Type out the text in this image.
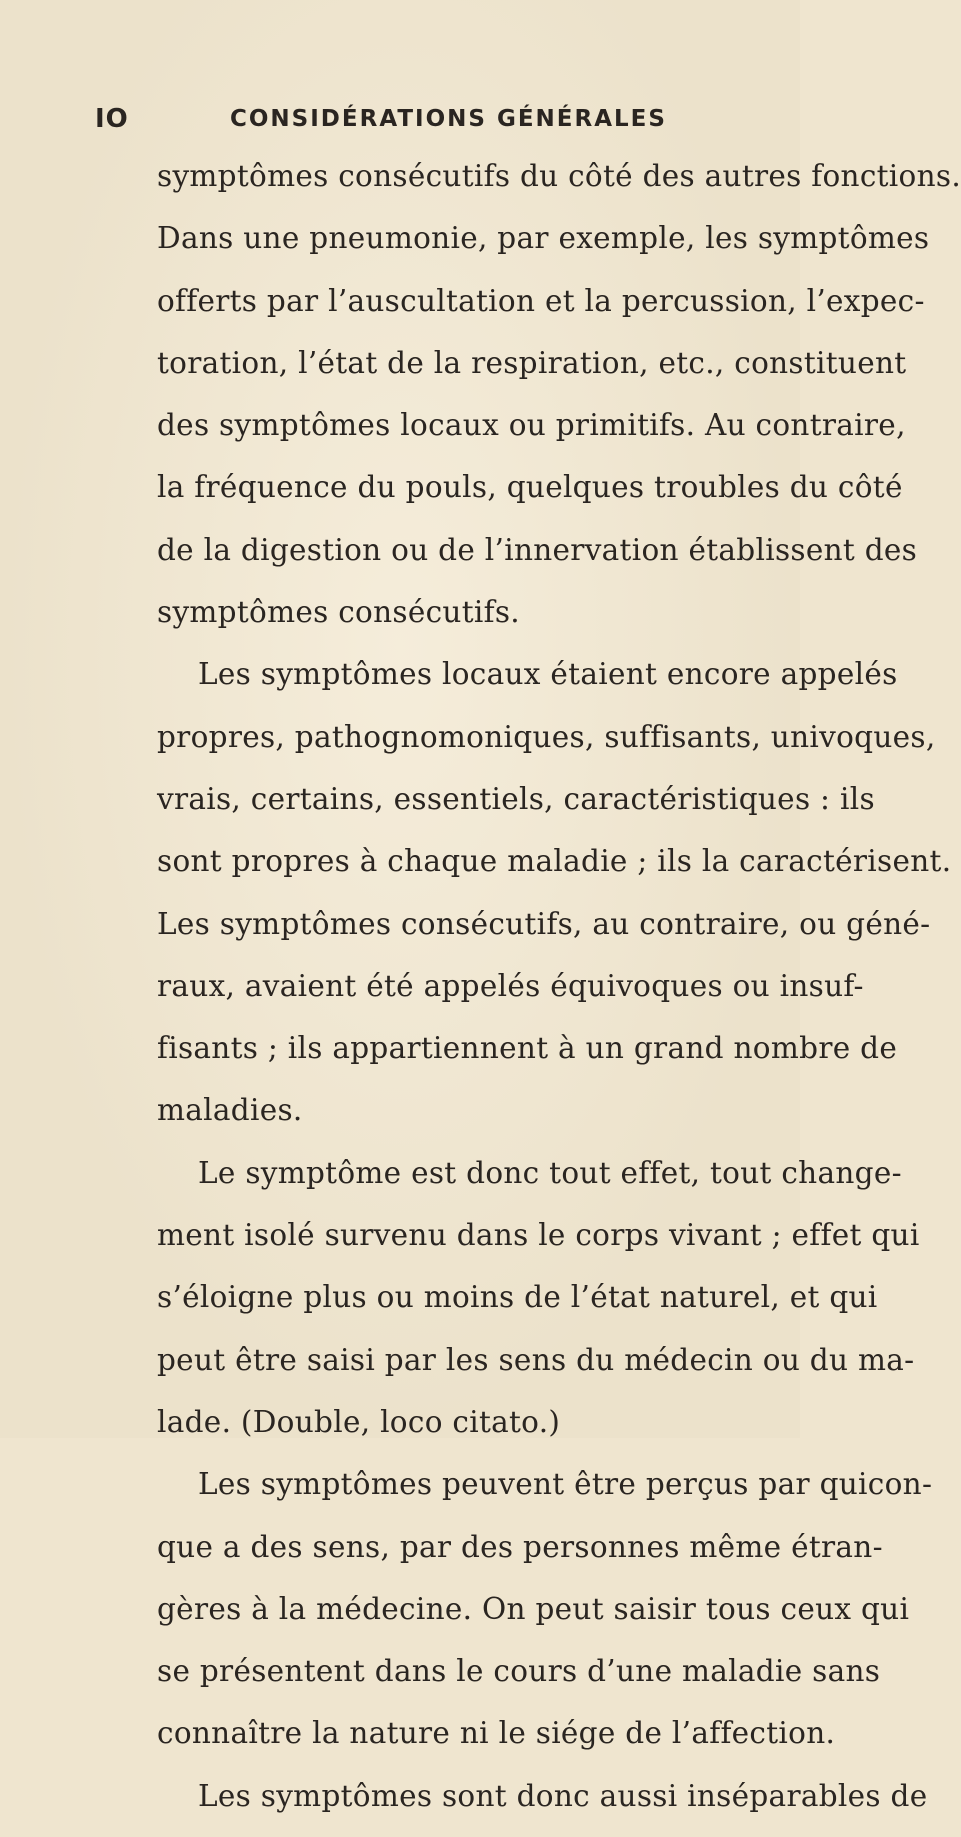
IO	CONSIDÉRATIONS GÉNÉRALES
symptômes consécutifs du côté des autres fonctions.
Dans une pneumonie, par exemple, les symptômes
offerts par l’auscultation et la percussion, l’expec-
toration, l’état de la respiration, etc., constituent
des symptômes locaux ou primitifs. Au contraire,
la fréquence du pouls, quelques troubles du côté
de la digestion ou de l’innervation établissent des
symptômes consécutifs.
Les symptômes locaux étaient encore appelés
propres, pathognomoniques, suffisants, univoques,
vrais, certains, essentiels, caractéristiques : ils
sont propres à chaque maladie ; ils la caractérisent.
Les symptômes consécutifs, au contraire, ou géné-
raux, avaient été appelés équivoques ou insuf-
fisants ; ils appartiennent à un grand nombre de
maladies.
Le symptôme est donc tout effet, tout change-
ment isolé survenu dans le corps vivant ; effet qui
s’éloigne plus ou moins de l’état naturel, et qui
peut être saisi par les sens du médecin ou du ma-
lade. (Double, loco citato.)
Les symptômes peuvent être perçus par quicon-
que a des sens, par des personnes même étran-
gères à la médecine. On peut saisir tous ceux qui
se présentent dans le cours d’une maladie sans
connaître la nature ni le siége de l’affection.
Les symptômes sont donc aussi inséparables de
